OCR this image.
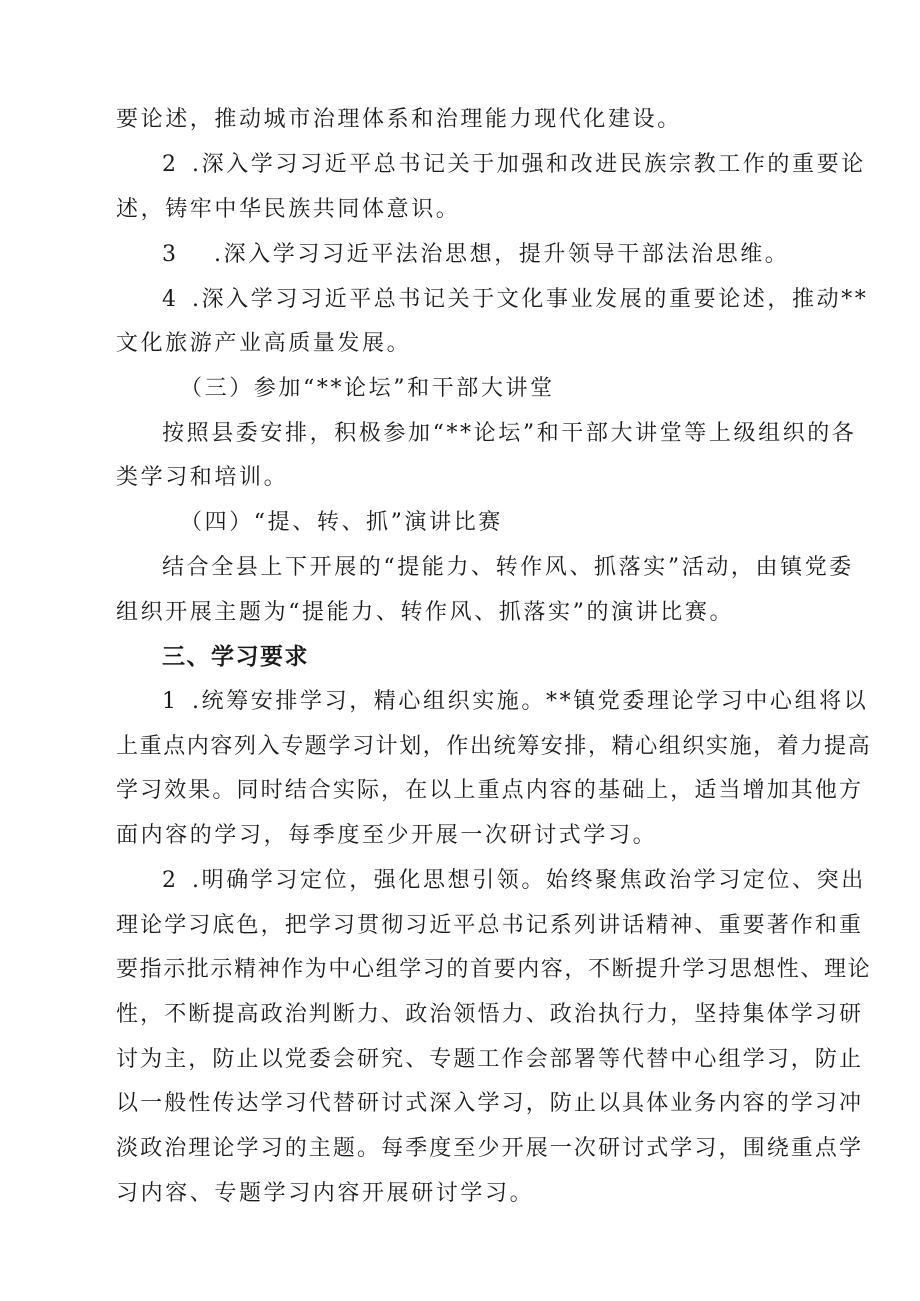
要论述，推动城市治理体系和治理能力现代化建设。
2 .深入学习习近平总书记关于加强和改进民族宗教工作的重要论
述，铸牢中华民族共同体意识。
3 .深入学习习近平法治思想，提升领导干部法治思维。
4 .深入学习习近平总书记关于文化事业发展的重要论述，推动**
文化旅游产业高质量发展。
（三）参加“**论坛”和干部大讲堂
按照县委安排，积极参加“**论坛”和干部大讲堂等上级组织的各
类学习和培训。
（四）“提、转、抓”演讲比赛
结合全县上下开展的“提能力、转作风、抓落实”活动，由镇党委
组织开展主题为“提能力、转作风、抓落实”的演讲比赛。
三、学习要求
1 .统筹安排学习，精心组织实施。**镇党委理论学习中心组将以
上重点内容列入专题学习计划，作出统筹安排，精心组织实施，着力提高
学习效果。同时结合实际，在以上重点内容的基础上，适当增加其他方
面内容的学习，每季度至少开展一次研讨式学习。
2 .明确学习定位，强化思想引领。始终聚焦政治学习定位、突出
理论学习底色，把学习贯彻习近平总书记系列讲话精神、重要著作和重
要指示批示精神作为中心组学习的首要内容，不断提升学习思想性、理论
性，不断提高政治判断力、政治领悟力、政治执行力，坚持集体学习研
讨为主，防止以党委会研究、专题工作会部署等代替中心组学习，防止
以一般性传达学习代替研讨式深入学习，防止以具体业务内容的学习冲
淡政治理论学习的主题。每季度至少开展一次研讨式学习，围绕重点学
习内容、专题学习内容开展研讨学习。
